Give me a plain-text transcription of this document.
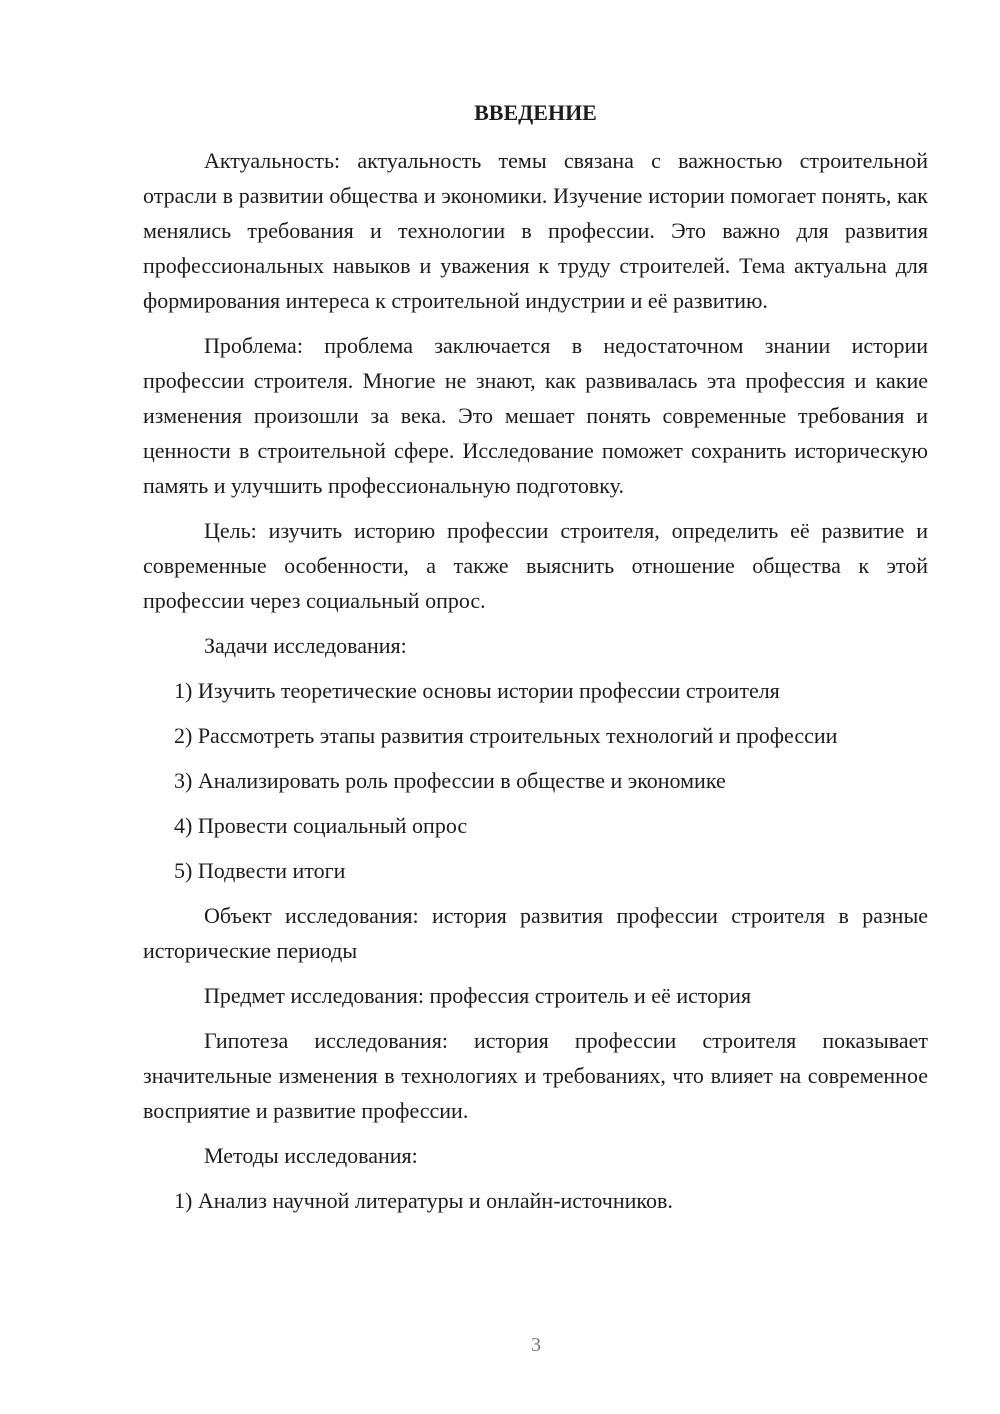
ВВЕДЕНИЕ

Актуальность: актуальность темы связана с важностью строительной отрасли в развитии общества и экономики. Изучение истории помогает понять, как менялись требования и технологии в профессии. Это важно для развития профессиональных навыков и уважения к труду строителей. Тема актуальна для формирования интереса к строительной индустрии и её развитию.

Проблема: проблема заключается в недостаточном знании истории профессии строителя. Многие не знают, как развивалась эта профессия и какие изменения произошли за века. Это мешает понять современные требования и ценности в строительной сфере. Исследование поможет сохранить историческую память и улучшить профессиональную подготовку.

Цель: изучить историю профессии строителя, определить её развитие и современные особенности, а также выяснить отношение общества к этой профессии через социальный опрос.

Задачи исследования:

1) Изучить теоретические основы истории профессии строителя
2) Рассмотреть этапы развития строительных технологий и профессии
3) Анализировать роль профессии в обществе и экономике
4) Провести социальный опрос
5) Подвести итоги

Объект исследования: история развития профессии строителя в разные исторические периоды

Предмет исследования: профессия строитель и её история

Гипотеза исследования: история профессии строителя показывает значительные изменения в технологиях и требованиях, что влияет на современное восприятие и развитие профессии.

Методы исследования:

1) Анализ научной литературы и онлайн-источников.
3
